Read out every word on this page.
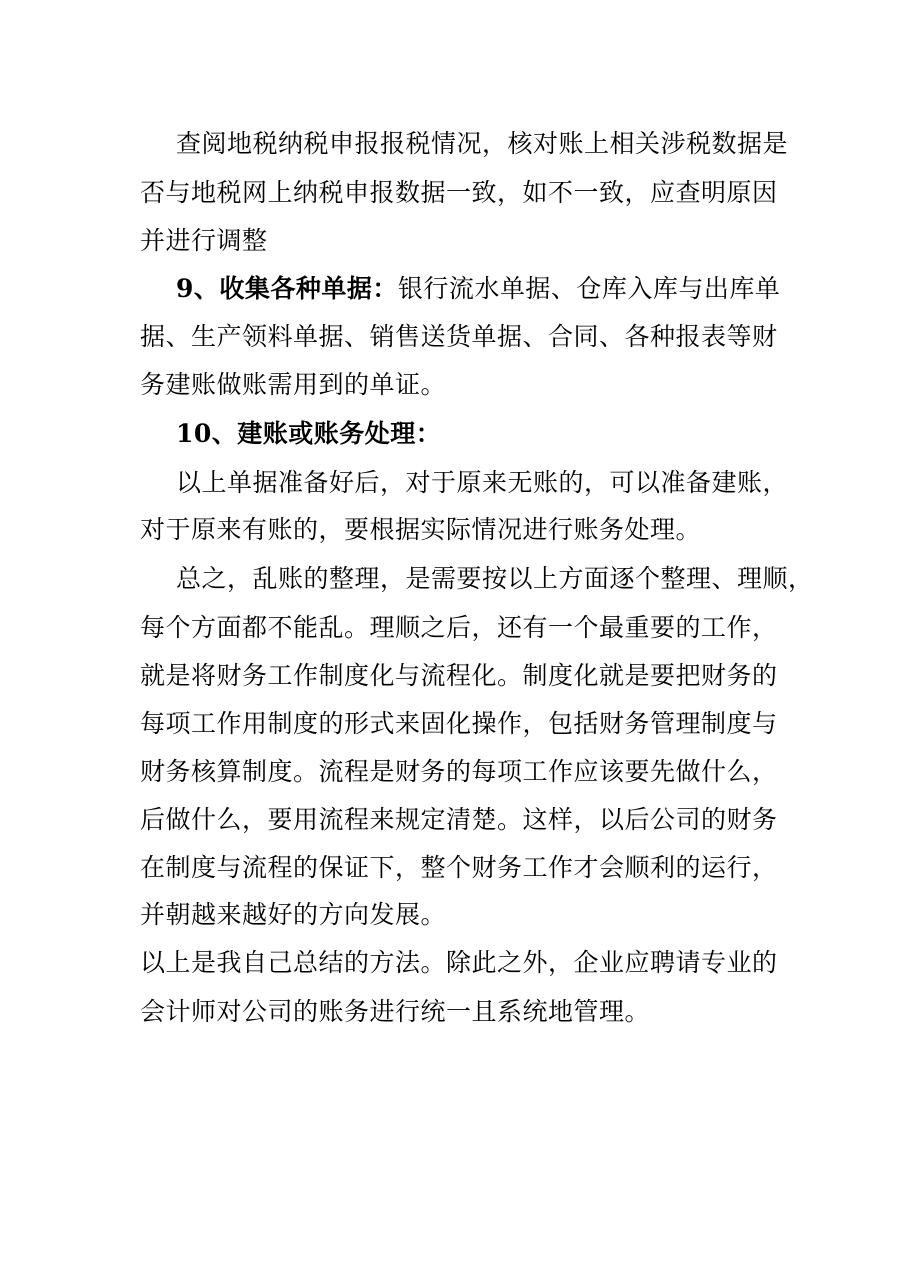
查阅地税纳税申报报税情况，核对账上相关涉税数据是
否与地税网上纳税申报数据一致，如不一致，应查明原因
并进行调整
9、收集各种单据：银行流水单据、仓库入库与出库单
据、生产领料单据、销售送货单据、合同、各种报表等财
务建账做账需用到的单证。
10、建账或账务处理：
以上单据准备好后，对于原来无账的，可以准备建账，
对于原来有账的，要根据实际情况进行账务处理。
总之，乱账的整理，是需要按以上方面逐个整理、理顺，
每个方面都不能乱。理顺之后，还有一个最重要的工作，
就是将财务工作制度化与流程化。制度化就是要把财务的
每项工作用制度的形式来固化操作，包括财务管理制度与
财务核算制度。流程是财务的每项工作应该要先做什么，
后做什么，要用流程来规定清楚。这样，以后公司的财务
在制度与流程的保证下，整个财务工作才会顺利的运行，
并朝越来越好的方向发展。
以上是我自己总结的方法。除此之外，企业应聘请专业的
会计师对公司的账务进行统一且系统地管理。
